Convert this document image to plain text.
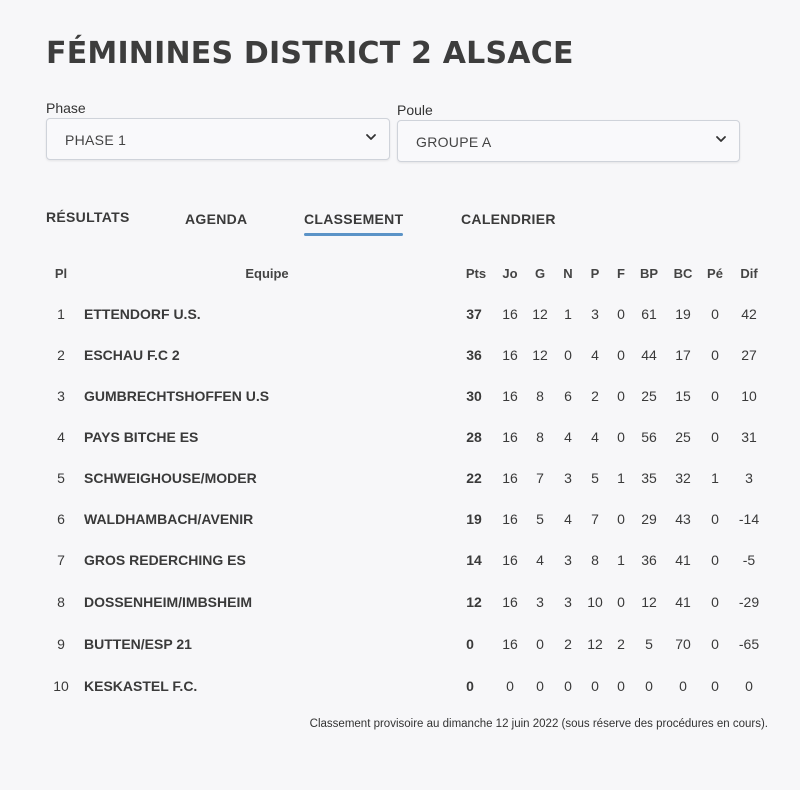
FÉMININES DISTRICT 2 ALSACE
Phase
PHASE 1
Poule
GROUPE A
RÉSULTATS	AGENDA	CLASSEMENT	CALENDRIER
Pl	Equipe	Pts Jo G N P F BP BC Pé Dif
1 ETTENDORF U.S.	37 16 12 1 3 0 61 19 0 42
2 ESCHAU F.C 2	36 16 12 0 4 0 44 17 0 27
3 GUMBRECHTSHOFFEN U.S	30 16 8 6 2 0 25 15 0 10
4 PAYS BITCHE ES	28 16 8 4 4 0 56 25 0 31
5 SCHWEIGHOUSE/MODER	22 16 7 3 5 1 35 32 1 3
6 WALDHAMBACH/AVENIR	19 16 5 4 7 0 29 43 0 -14
7 GROS REDERCHING ES	14 16 4 3 8 1 36 41 0 -5
8 DOSSENHEIM/IMBSHEIM	12 16 3 3 10 0 12 41 0 -29
9 BUTTEN/ESP 21	0 16 0 2 12 2 5 70 0 -65
10 KESKASTEL F.C.	0 0 0 0 0 0 0 0 0 0
Classement provisoire au dimanche 12 juin 2022 (sous réserve des procédures en cours).
